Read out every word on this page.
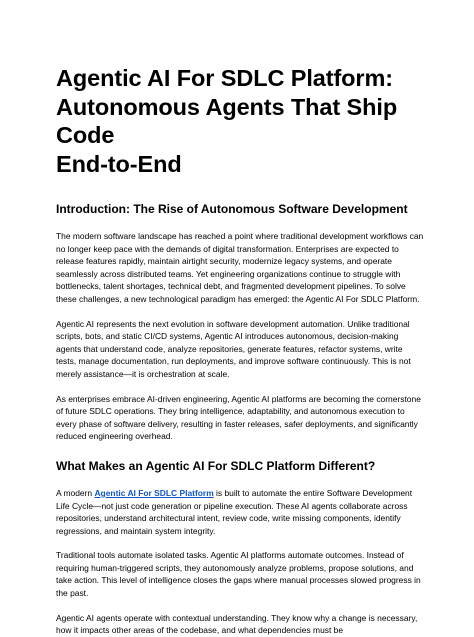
Agentic AI For SDLC Platform:
Autonomous Agents That Ship Code
End-to-End
Introduction: The Rise of Autonomous Software Development

The modern software landscape has reached a point where traditional development workflows can no longer keep pace with the demands of digital transformation. Enterprises are expected to release features rapidly, maintain airtight security, modernize legacy systems, and operate seamlessly across distributed teams. Yet engineering organizations continue to struggle with bottlenecks, talent shortages, technical debt, and fragmented development pipelines. To solve these challenges, a new technological paradigm has emerged: the Agentic AI For SDLC Platform.

Agentic AI represents the next evolution in software development automation. Unlike traditional scripts, bots, and static CI/CD systems, Agentic AI introduces autonomous, decision-making agents that understand code, analyze repositories, generate features, refactor systems, write tests, manage documentation, run deployments, and improve software continuously. This is not merely assistance—it is orchestration at scale.

As enterprises embrace AI-driven engineering, Agentic AI platforms are becoming the cornerstone of future SDLC operations. They bring intelligence, adaptability, and autonomous execution to every phase of software delivery, resulting in faster releases, safer deployments, and significantly reduced engineering overhead.

What Makes an Agentic AI For SDLC Platform Different?

A modern Agentic AI For SDLC Platform is built to automate the entire Software Development Life Cycle—not just code generation or pipeline execution. These AI agents collaborate across repositories, understand architectural intent, review code, write missing components, identify regressions, and maintain system integrity.

Traditional tools automate isolated tasks. Agentic AI platforms automate outcomes. Instead of requiring human-triggered scripts, they autonomously analyze problems, propose solutions, and take action. This level of intelligence closes the gaps where manual processes slowed progress in the past.

Agentic AI agents operate with contextual understanding. They know why a change is necessary, how it impacts other areas of the codebase, and what dependencies must be
